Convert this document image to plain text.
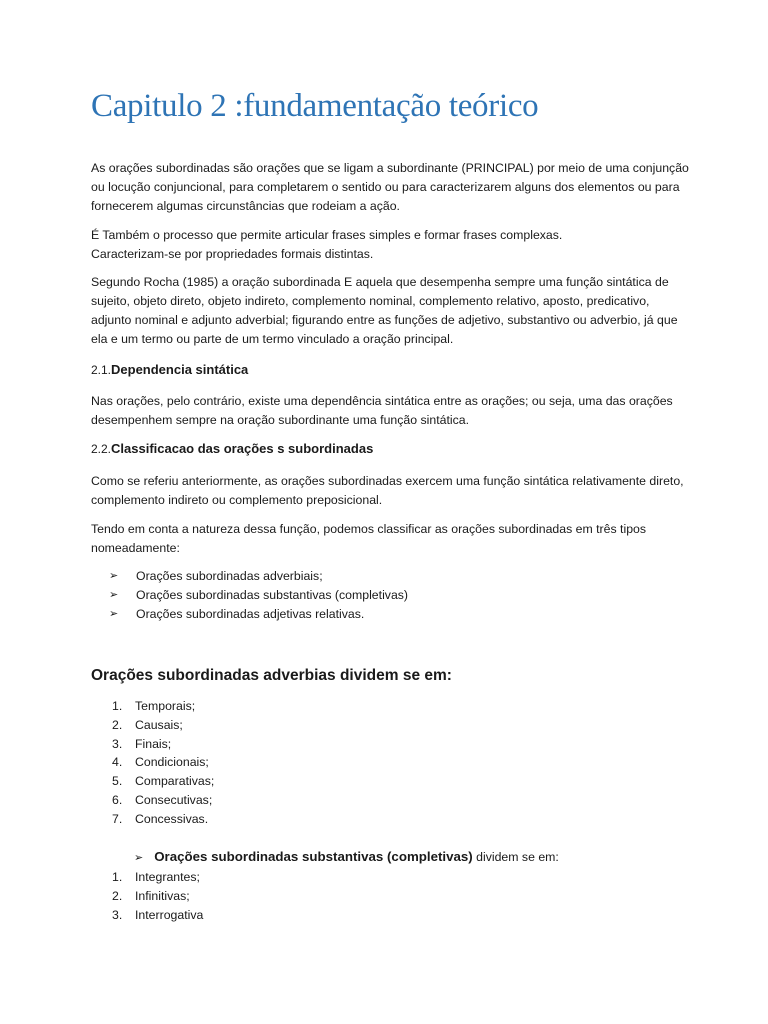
Capitulo 2 :fundamentação teórico
As orações subordinadas são orações que se ligam a subordinante (PRINCIPAL) por meio de uma conjunção ou locução conjuncional, para completarem o sentido ou para caracterizarem alguns dos elementos ou para fornecerem algumas circunstâncias que rodeiam a ação.
É Também o processo que permite articular frases simples e formar frases complexas.
Caracterizam-se por propriedades formais distintas.
Segundo Rocha (1985) a oração subordinada E aquela que desempenha sempre uma função sintática de sujeito, objeto direto, objeto indireto, complemento nominal, complemento relativo, aposto, predicativo, adjunto nominal e adjunto adverbial; figurando entre as funções de adjetivo, substantivo ou adverbio, já que ela e um termo ou parte de um termo vinculado a oração principal.
2.1.Dependencia sintática
Nas orações, pelo contrário, existe uma dependência sintática entre as orações; ou seja, uma das orações desempenhem sempre na oração subordinante uma função sintática.
2.2.Classificacao das orações s subordinadas
Como se referiu anteriormente, as orações subordinadas exercem uma função sintática relativamente direto, complemento indireto ou complemento preposicional.
Tendo em conta a natureza dessa função, podemos classificar as orações subordinadas em três tipos nomeadamente:
➢ Orações subordinadas adverbiais;
➢ Orações subordinadas substantivas (completivas)
➢ Orações subordinadas adjetivas relativas.
Orações subordinadas adverbias dividem se em:
1. Temporais;
2. Causais;
3. Finais;
4. Condicionais;
5. Comparativas;
6. Consecutivas;
7. Concessivas.
➢ Orações subordinadas substantivas (completivas) dividem se em:
1. Integrantes;
2. Infinitivas;
3. Interrogativa
